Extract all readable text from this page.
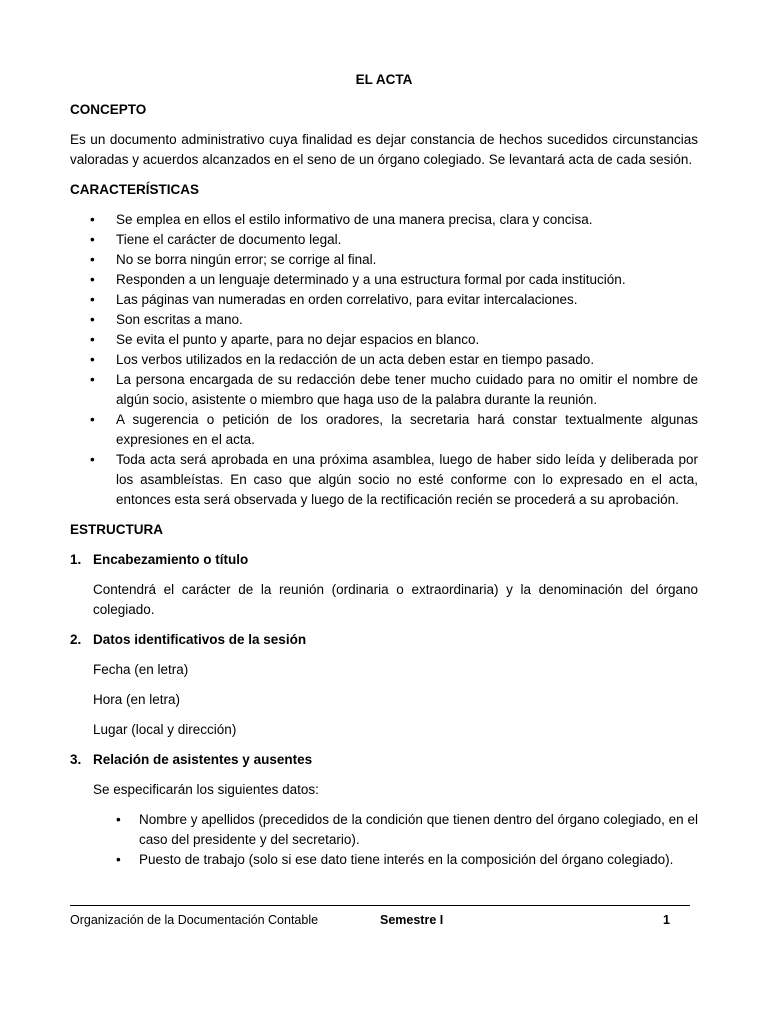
EL ACTA
CONCEPTO

Es un documento administrativo cuya finalidad es dejar constancia de hechos sucedidos circunstancias valoradas y acuerdos alcanzados en el seno de un órgano colegiado. Se levantará acta de cada sesión.

CARACTERÍSTICAS
• Se emplea en ellos el estilo informativo de una manera precisa, clara y concisa.
• Tiene el carácter de documento legal.
• No se borra ningún error; se corrige al final.
• Responden a un lenguaje determinado y a una estructura formal por cada institución.
• Las páginas van numeradas en orden correlativo, para evitar intercalaciones.
• Son escritas a mano.
• Se evita el punto y aparte, para no dejar espacios en blanco.
• Los verbos utilizados en la redacción de un acta deben estar en tiempo pasado.
• La persona encargada de su redacción debe tener mucho cuidado para no omitir el nombre de algún socio, asistente o miembro que haga uso de la palabra durante la reunión.
• A sugerencia o petición de los oradores, la secretaria hará constar textualmente algunas expresiones en el acta.
• Toda acta será aprobada en una próxima asamblea, luego de haber sido leída y deliberada por los asambleístas. En caso que algún socio no esté conforme con lo expresado en el acta, entonces esta será observada y luego de la rectificación recién se procederá a su aprobación.
ESTRUCTURA
1. Encabezamiento o título

Contendrá el carácter de la reunión (ordinaria o extraordinaria) y la denominación del órgano colegiado.

2. Datos identificativos de la sesión

Fecha (en letra)

Hora (en letra)

Lugar (local y dirección)

3. Relación de asistentes y ausentes

Se especificarán los siguientes datos:

• Nombre y apellidos (precedidos de la condición que tienen dentro del órgano colegiado, en el caso del presidente y del secretario).
• Puesto de trabajo (solo si ese dato tiene interés en la composición del órgano colegiado).
Organización de la Documentación Contable	Semestre I	1
